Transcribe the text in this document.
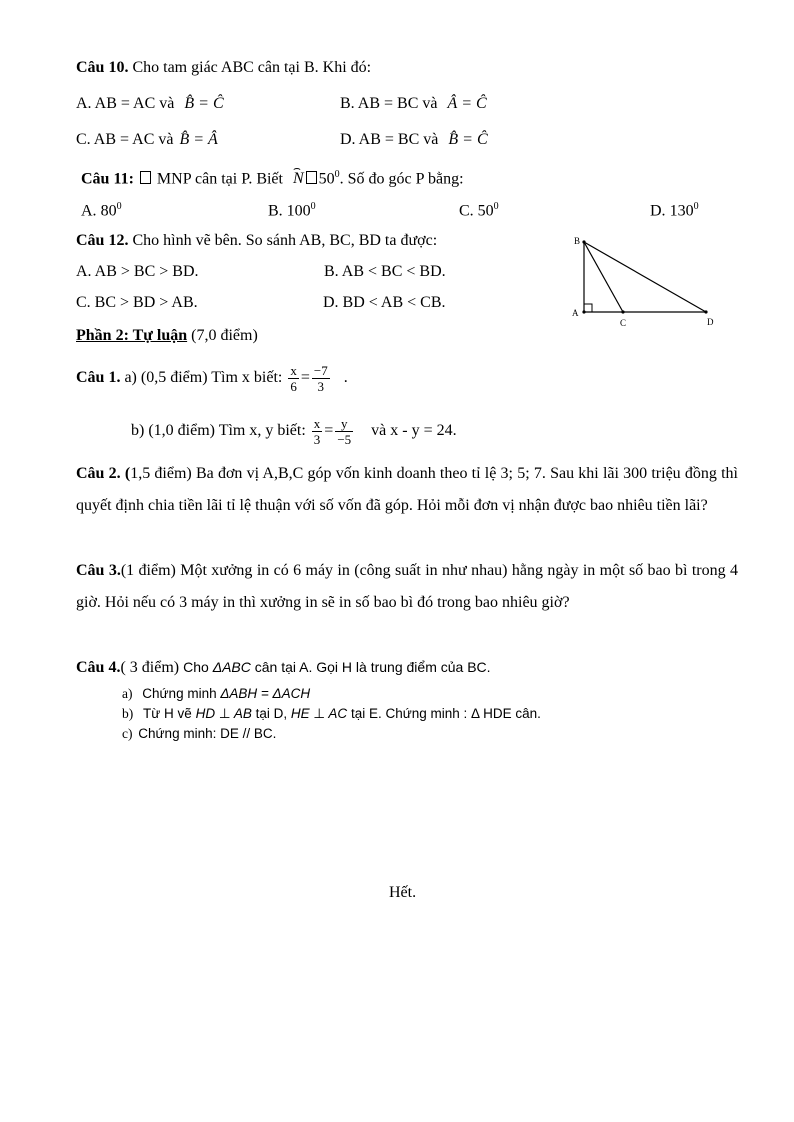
Câu 10. Cho tam giác ABC cân tại B. Khi đó:
A. AB = AC và B̂ = Ĉ	B. AB = BC và Â = Ĉ
C. AB = AC và B̂ = Â	D. AB = BC và B̂ = Ĉ
Câu 11: MNP cân tại P. Biết ⌢ N $50^0$. Số đo góc P bằng:
A. $80^0$	B. $100^0$	C. $50^0$	D. $130^0$
Câu 12. Cho hình vẽ bên. So sánh AB, BC, BD ta được:
A. AB > BC > BD.	B. AB < BC < BD.
C. BC > BD > AB.	D. BD < AB < CB.
B
A
C	D
Phần 2: Tự luận (7,0 điểm)
Câu 1. a) (0,5 điểm) Tìm x biết: $\frac{x}{6} = \frac{-7}{3}$ .
b) (1,0 điểm) Tìm x, y biết: $\frac{x}{3} = \frac{y}{-5}$ và x - y = 24.
Câu 2. (1,5 điểm) Ba đơn vị A,B,C góp vốn kinh doanh theo tỉ lệ 3; 5; 7. Sau khi lãi 300 triệu đồng thì quyết định chia tiền lãi tỉ lệ thuận với số vốn đã góp. Hỏi mỗi đơn vị nhận được bao nhiêu tiền lãi?
Câu 3.(1 điểm) Một xưởng in có 6 máy in (công suất in như nhau) hằng ngày in một số bao bì trong 4 giờ. Hỏi nếu có 3 máy in thì xưởng in sẽ in số bao bì đó trong bao nhiêu giờ?
Câu 4.( 3 điểm) Cho ΔABC cân tại A. Gọi H là trung điểm của BC.
a) Chứng minh ΔABH = ΔACH
b) Từ H vẽ HD ⊥ AB tại D, HE ⊥ AC tại E. Chứng minh : Δ HDE cân.
c) Chứng minh: DE // BC.
Hết.
